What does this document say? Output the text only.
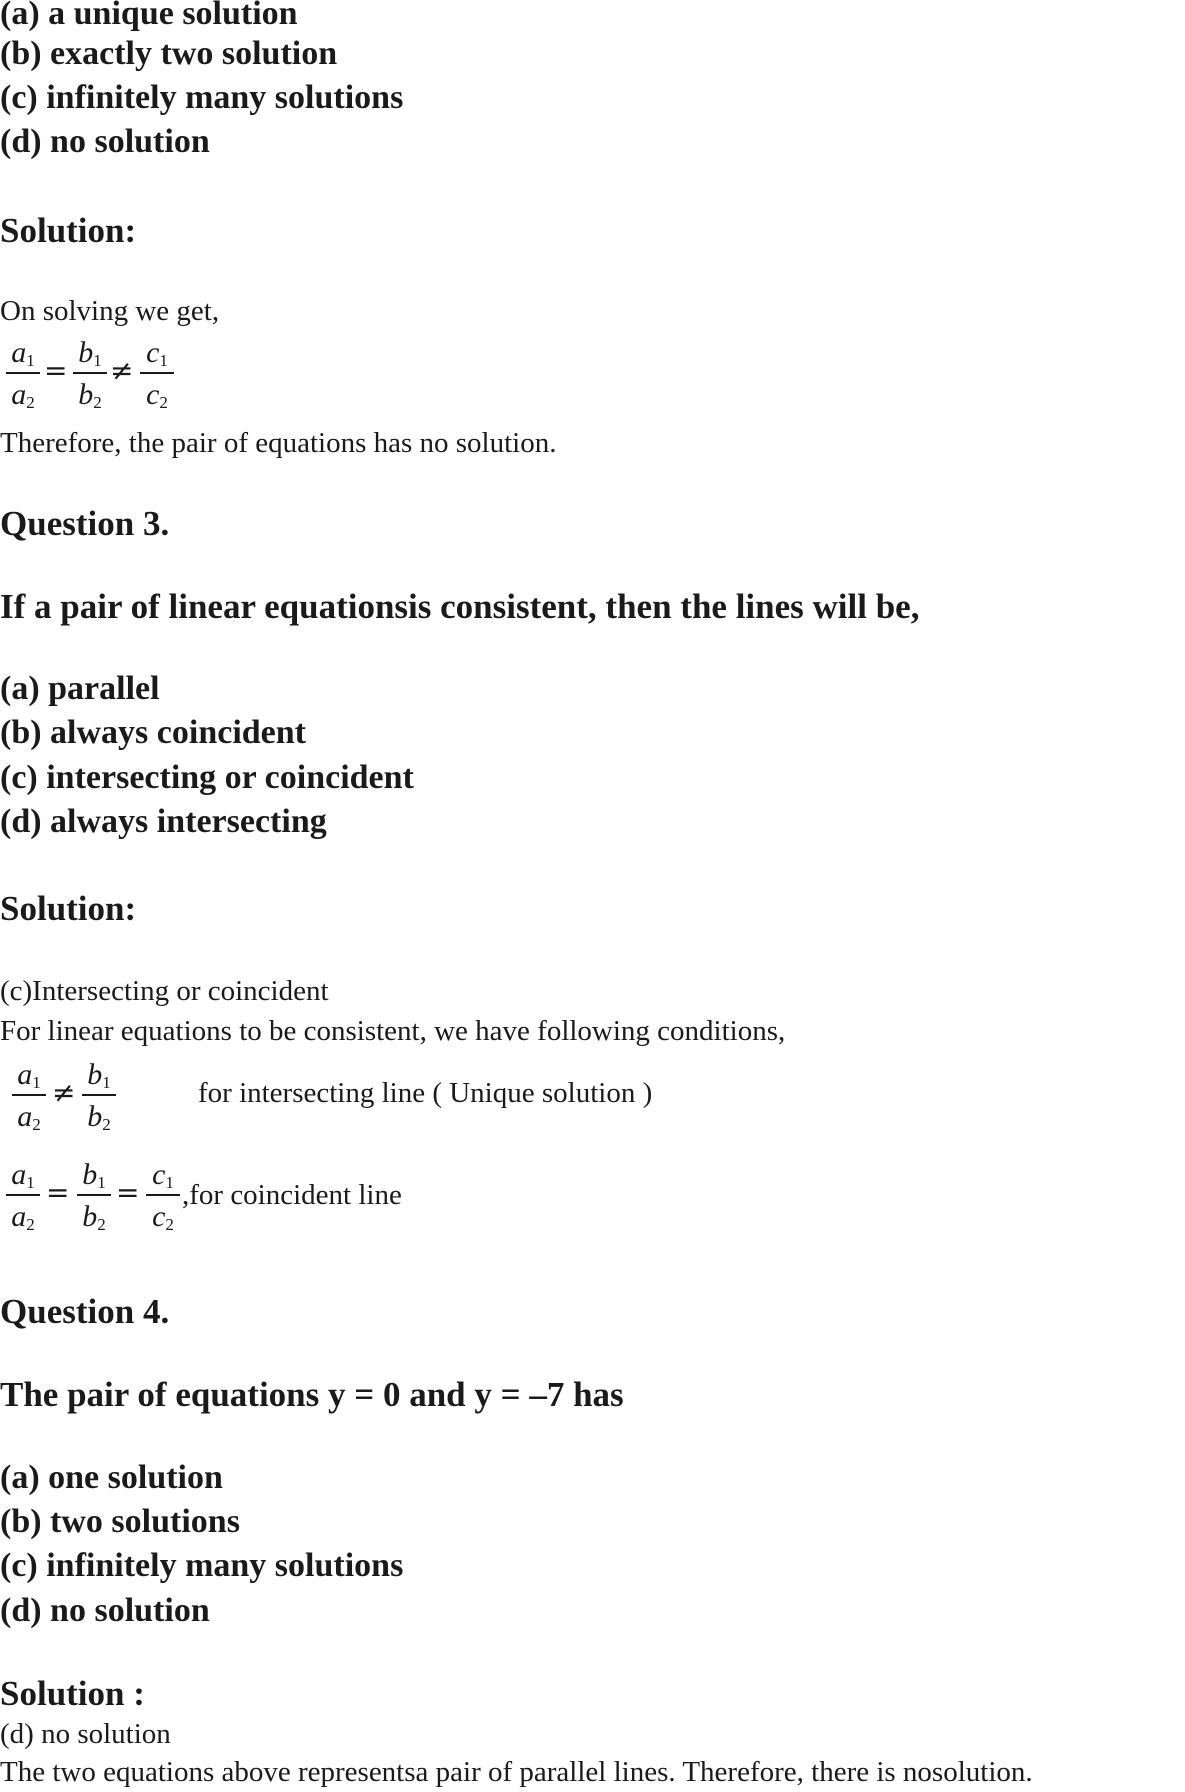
(a) a unique solution
(b) exactly two solution
(c) infinitely many solutions
(d) no solution
Solution:
On solving we get,
$a_1$
$a_2$
=
$b_1$
$b_2$
≠
$c_1$
$c_2$
Therefore, the pair of equations has no solution.
Question 3.
If a pair of linear equationsis consistent, then the lines will be,
(a) parallel
(b) always coincident
(c) intersecting or coincident
(d) always intersecting
Solution:
(c)Intersecting or coincident
For linear equations to be consistent, we have following conditions,
$a_1$
$a_2$
≠
$b_1$
$b_2$
for intersecting line ( Unique solution )
$a_1$
$a_2$
=
$b_1$
$b_2$
=
$c_1$
$c_2$
,for coincident line
Question 4.
The pair of equations y = 0 and y = –7 has
(a) one solution
(b) two solutions
(c) infinitely many solutions
(d) no solution
Solution :
(d) no solution
The two equations above representsa pair of parallel lines. Therefore, there is nosolution.
